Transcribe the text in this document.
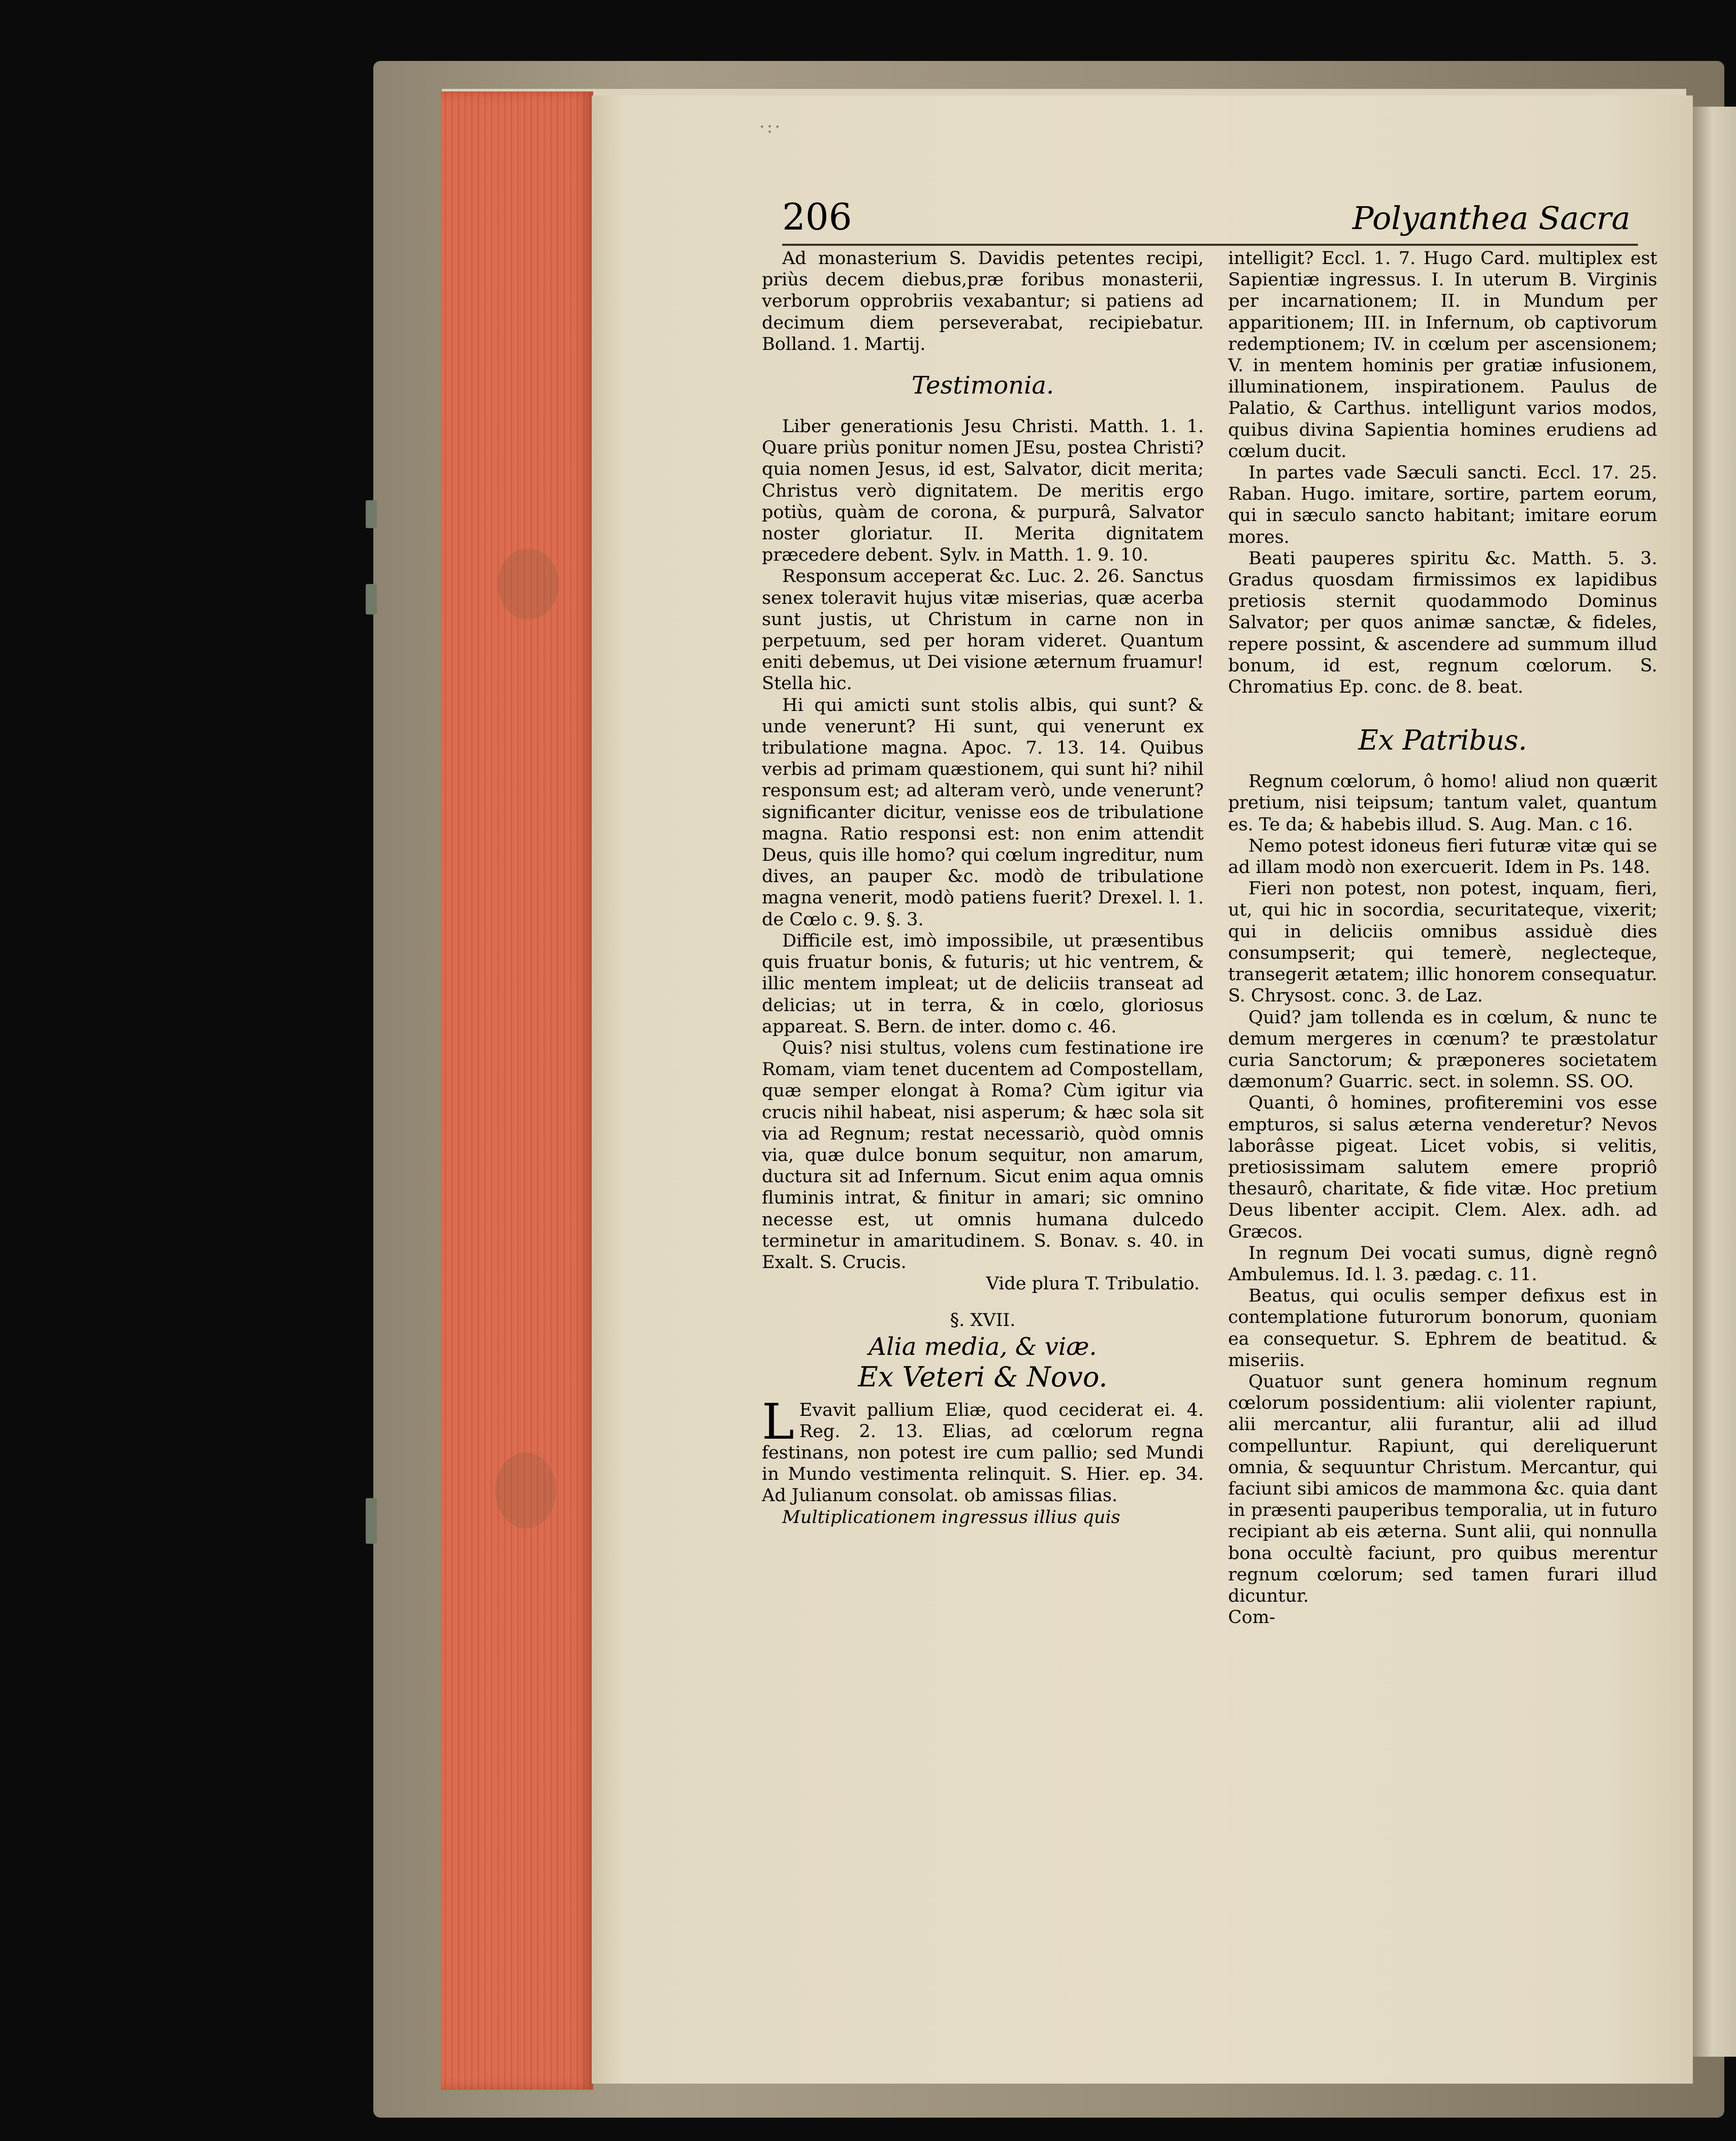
·:·
206	Polyanthea Sacra

Ad monasterium S. Davidis petentes recipi, priùs decem diebus,præ foribus monasterii, verborum opprobriis vexabantur; si patiens ad decimum diem perseverabat, recipiebatur. Bolland. 1. Martij.

Testimonia.

Liber generationis Jesu Christi. Matth. 1. 1. Quare priùs ponitur nomen JEsu, postea Christi? quia nomen Jesus, id est, Salvator, dicit merita; Christus verò dignitatem. De meritis ergo potiùs, quàm de corona, & purpurâ, Salvator noster gloriatur. II. Merita dignitatem præcedere debent. Sylv. in Matth. 1. 9. 10.

Responsum acceperat &c. Luc. 2. 26. Sanctus senex toleravit hujus vitæ miserias, quæ acerba sunt justis, ut Christum in carne non in perpetuum, sed per horam videret. Quantum eniti debemus, ut Dei visione æternum fruamur! Stella hic.

Hi qui amicti sunt stolis albis, qui sunt? & unde venerunt? Hi sunt, qui venerunt ex tribulatione magna. Apoc. 7. 13. 14. Quibus verbis ad primam quæstionem, qui sunt hi? nihil responsum est; ad alteram verò, unde venerunt? significanter dicitur, venisse eos de tribulatione magna. Ratio responsi est: non enim attendit Deus, quis ille homo? qui cœlum ingreditur, num dives, an pauper &c. modò de tribulatione magna venerit, modò patiens fuerit? Drexel. l. 1. de Cœlo c. 9. §. 3.

Difficile est, imò impossibile, ut præsentibus quis fruatur bonis, & futuris; ut hic ventrem, & illic mentem impleat; ut de deliciis transeat ad delicias; ut in terra, & in cœlo, gloriosus appareat. S. Bern. de inter. domo c. 46.

Quis? nisi stultus, volens cum festinatione ire Romam, viam tenet ducentem ad Compostellam, quæ semper elongat à Roma? Cùm igitur via crucis nihil habeat, nisi asperum; & hæc sola sit via ad Regnum; restat necessariò, quòd omnis via, quæ dulce bonum sequitur, non amarum, ductura sit ad Infernum. Sicut enim aqua omnis fluminis intrat, & finitur in amari; sic omnino necesse est, ut omnis humana dulcedo terminetur in amaritudinem. S. Bonav. s. 40. in Exalt. S. Crucis.

Vide plura T. Tribulatio.

§. XVII.

Alia media, & viæ.
Ex Veteri & Novo.

L Evavit pallium Eliæ, quod ceciderat ei. 4. Reg. 2. 13. Elias, ad cœlorum regna festinans, non potest ire cum pallio; sed Mundi in Mundo vestimenta relinquit. S. Hier. ep. 34. Ad Julianum consolat. ob amissas filias.

Multiplicationem ingressus illius quis

intelligit? Eccl. 1. 7. Hugo Card. multiplex est Sapientiæ ingressus. I. In uterum B. Virginis per incarnationem; II. in Mundum per apparitionem; III. in Infernum, ob captivorum redemptionem; IV. in cœlum per ascensionem; V. in mentem hominis per gratiæ infusionem, illuminationem, inspirationem. Paulus de Palatio, & Carthus. intelligunt varios modos, quibus divina Sapientia homines erudiens ad cœlum ducit.

In partes vade Sæculi sancti. Eccl. 17. 25. Raban. Hugo. imitare, sortire, partem eorum, qui in sæculo sancto habitant; imitare eorum mores.

Beati pauperes spiritu &c. Matth. 5. 3. Gradus quosdam firmissimos ex lapidibus pretiosis sternit quodammodo Dominus Salvator; per quos animæ sanctæ, & fideles, repere possint, & ascendere ad summum illud bonum, id est, regnum cœlorum. S. Chromatius Ep. conc. de 8. beat.

Ex Patribus.

Regnum cœlorum, ô homo! aliud non quærit pretium, nisi teipsum; tantum valet, quantum es. Te da; & habebis illud. S. Aug. Man. c 16.

Nemo potest idoneus fieri futuræ vitæ qui se ad illam modò non exercuerit. Idem in Ps. 148.

Fieri non potest, non potest, inquam, fieri, ut, qui hic in socordia, securitateque, vixerit; qui in deliciis omnibus assiduè dies consumpserit; qui temerè, neglecteque, transegerit ætatem; illic honorem consequatur. S. Chrysost. conc. 3. de Laz.

Quid? jam tollenda es in cœlum, & nunc te demum mergeres in cœnum? te præstolatur curia Sanctorum; & præponeres societatem dæmonum? Guarric. sect. in solemn. SS. OO.

Quanti, ô homines, profiteremini vos esse empturos, si salus æterna venderetur? Nevos laborâsse pigeat. Licet vobis, si velitis, pretiosissimam salutem emere propriô thesaurô, charitate, & fide vitæ. Hoc pretium Deus libenter accipit. Clem. Alex. adh. ad Græcos.

In regnum Dei vocati sumus, dignè regnô Ambulemus. Id. l. 3. pædag. c. 11.

Beatus, qui oculis semper defixus est in contemplatione futurorum bonorum, quoniam ea consequetur. S. Ephrem de beatitud. & miseriis.

Quatuor sunt genera hominum regnum cœlorum possidentium: alii violenter rapiunt, alii mercantur, alii furantur, alii ad illud compelluntur. Rapiunt, qui dereliquerunt omnia, & sequuntur Christum. Mercantur, qui faciunt sibi amicos de mammona &c. quia dant in præsenti pauperibus temporalia, ut in futuro recipiant ab eis æterna. Sunt alii, qui nonnulla bona occultè faciunt, pro quibus merentur regnum cœlorum; sed tamen furari illud dicuntur.

Com-
